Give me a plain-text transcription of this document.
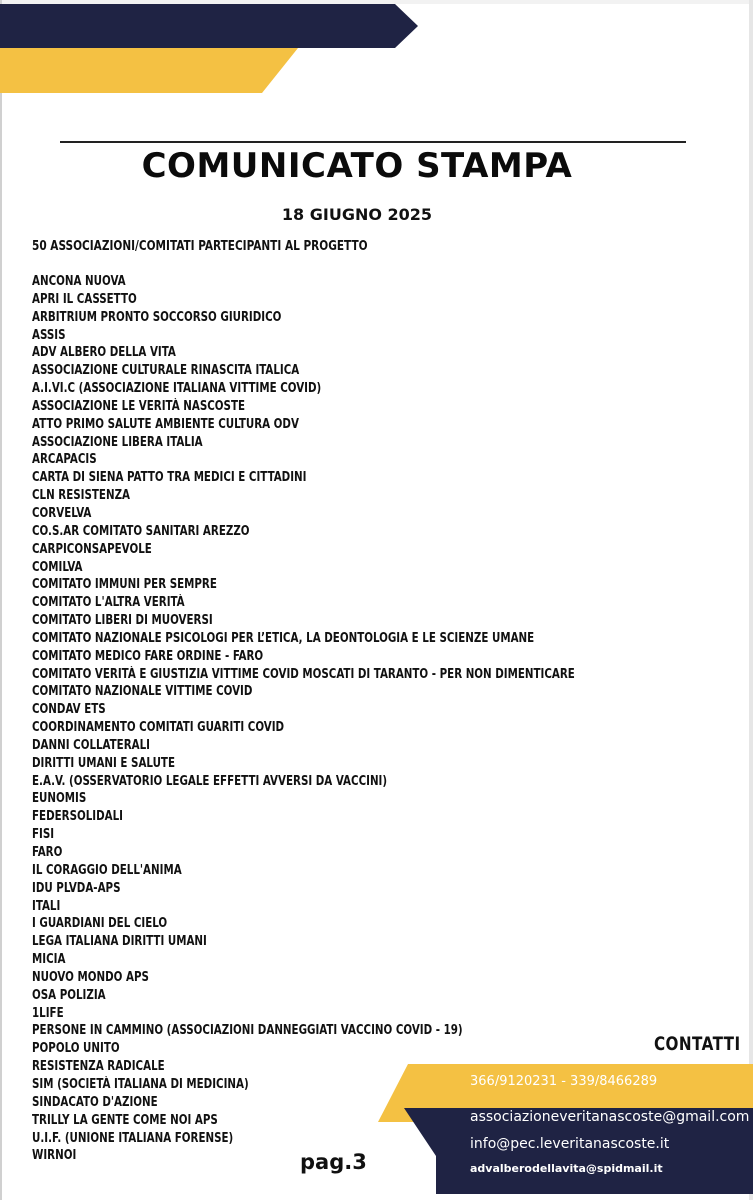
COMUNICATO STAMPA
18 GIUGNO 2025
50 ASSOCIAZIONI/COMITATI PARTECIPANTI AL PROGETTO
ANCONA NUOVA
APRI IL CASSETTO
ARBITRIUM PRONTO SOCCORSO GIURIDICO
ASSIS
ADV ALBERO DELLA VITA
ASSOCIAZIONE CULTURALE RINASCITA ITALICA
A.I.VI.C (ASSOCIAZIONE ITALIANA VITTIME COVID)
ASSOCIAZIONE LE VERITÀ NASCOSTE
ATTO PRIMO SALUTE AMBIENTE CULTURA ODV
ASSOCIAZIONE LIBERA ITALIA
ARCAPACIS
CARTA DI SIENA PATTO TRA MEDICI E CITTADINI
CLN RESISTENZA
CORVELVA
CO.S.AR COMITATO SANITARI AREZZO
CARPICONSAPEVOLE
COMILVA
COMITATO IMMUNI PER SEMPRE
COMITATO L'ALTRA VERITÀ
COMITATO LIBERI DI MUOVERSI
COMITATO NAZIONALE PSICOLOGI PER L’ETICA, LA DEONTOLOGIA E LE SCIENZE UMANE
COMITATO MEDICO FARE ORDINE - FARO
COMITATO VERITÀ E GIUSTIZIA VITTIME COVID MOSCATI DI TARANTO - PER NON DIMENTICARE
COMITATO NAZIONALE VITTIME COVID
CONDAV ETS
COORDINAMENTO COMITATI GUARITI COVID
DANNI COLLATERALI
DIRITTI UMANI E SALUTE
E.A.V. (OSSERVATORIO LEGALE EFFETTI AVVERSI DA VACCINI)
EUNOMIS
FEDERSOLIDALI
FISI
FARO
IL CORAGGIO DELL'ANIMA
IDU PLVDA-APS
ITALI
I GUARDIANI DEL CIELO
LEGA ITALIANA DIRITTI UMANI
MICIA
NUOVO MONDO APS
OSA POLIZIA
1LIFE
PERSONE IN CAMMINO (ASSOCIAZIONI DANNEGGIATI VACCINO COVID - 19)
POPOLO UNITO
RESISTENZA RADICALE
SIM (SOCIETÀ ITALIANA DI MEDICINA)
SINDACATO D'AZIONE
TRILLY LA GENTE COME NOI APS
U.I.F. (UNIONE ITALIANA FORENSE)
WIRNOI
CONTATTI
366/9120231 - 339/8466289
associazioneveritanascoste@gmail.com
info@pec.leveritanascoste.it
advalberodellavita@spidmail.it
pag.3
